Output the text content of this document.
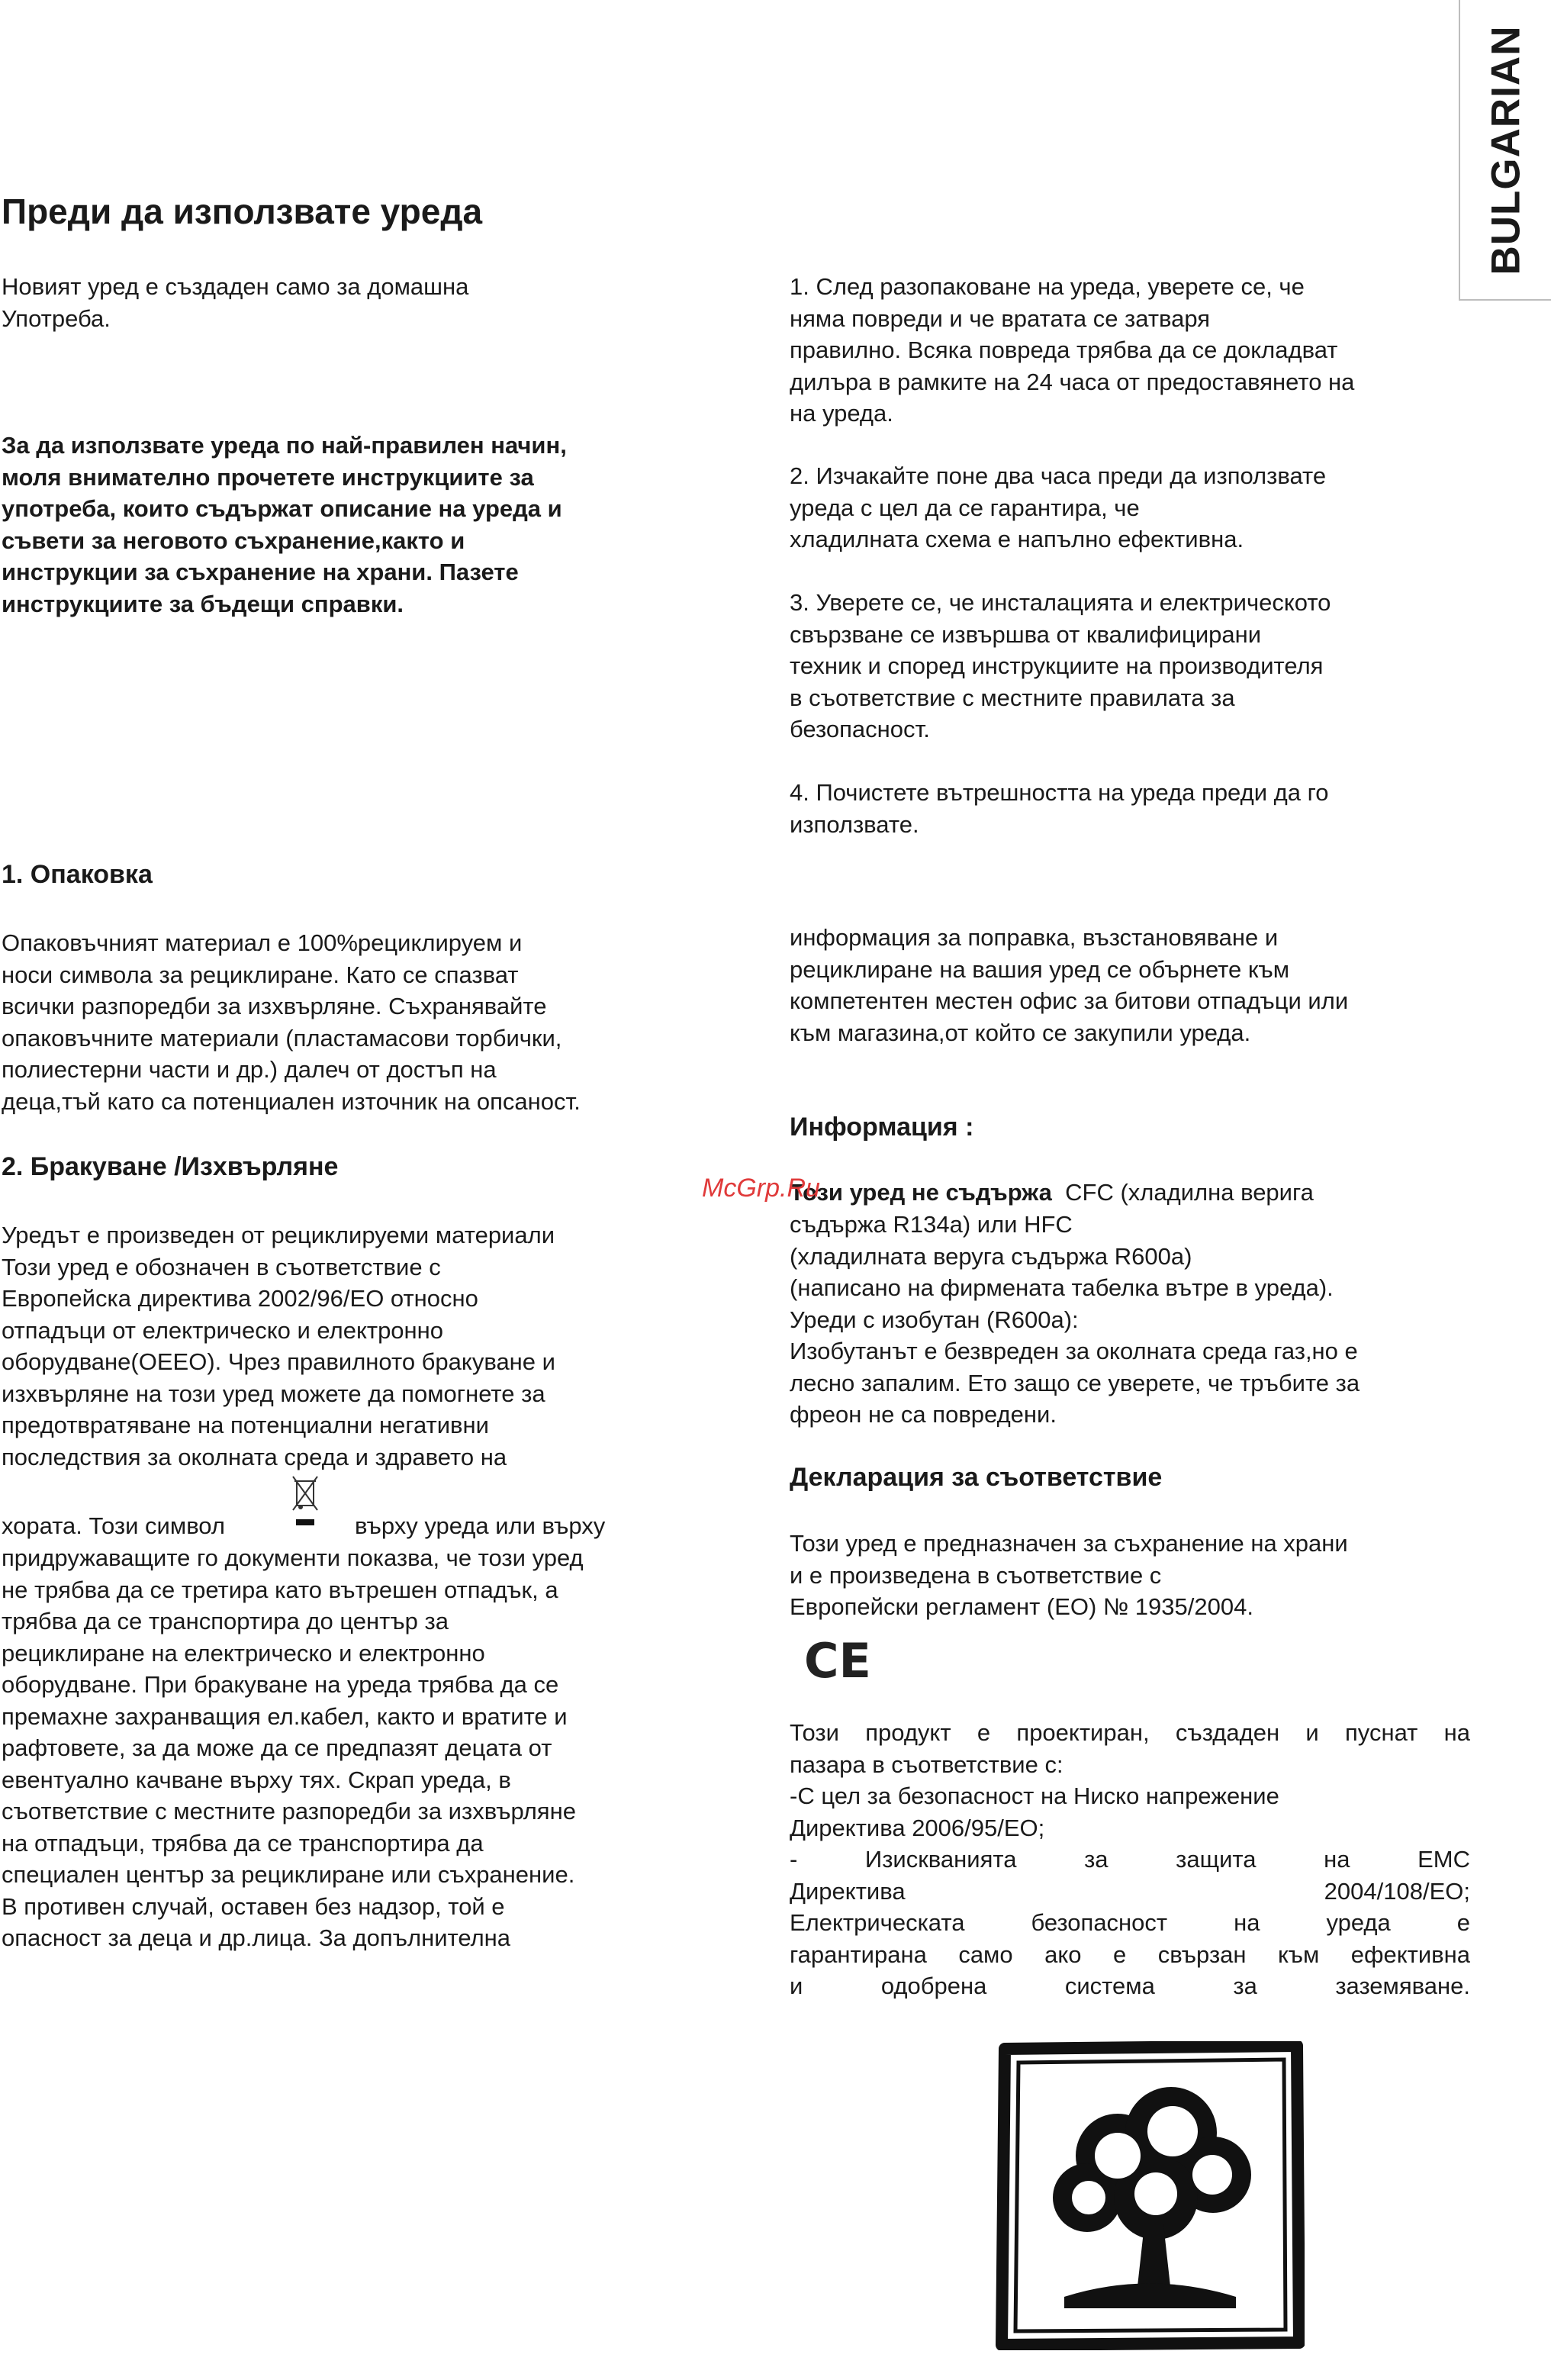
BULGARIAN
Преди да използвате уреда

Новият уред е създаден само за домашна
Употреба.

За да използвате уреда по най-правилен начин,
моля внимателно прочетете инструкциите за
употреба, които съдържат описание на уреда и
съвети за неговото съхранение,както и
инструкции за съхранение на храни. Пазете
инструкциите за бъдещи справки.

1. След разопаковане на уреда, уверете се, че
няма повреди и че вратата се затваря
правилно. Всяка повреда трябва да се докладват
дилъра в рамките на 24 часа от предоставянето на
на уреда.

2. Изчакайте поне два часа преди да използвате
уреда с цел да се гарантира, че
хладилната схема е напълно ефективна.

3. Уверете се, че инсталацията и електрическото
свързване се извършва от квалифицирани
техник и според инструкциите на производителя
в съответствие с местните правилата за
безопасност.

4. Почистете вътрешността на уреда преди да го
използвате.

1. Опаковка

Опаковъчният материал е 100%рециклируем и
носи символа за рециклиране. Като се спазват
всички разпоредби за изхвърляне. Съхранявайте
опаковъчните материали (пластамасови торбички,
полиестерни части и др.) далеч от достъп на
деца,тъй като са потенциален източник на опсаност.

2. Бракуване /Изхвърляне

Уредът е произведен от рециклируеми материали
Този уред е обозначен в съответствие с
Европейска директива 2002/96/ЕО относно
отпадъци от електрическо и електронно
оборудване(ОЕЕО). Чрез правилното бракуване и
изхвърляне на този уред можете да помогнете за
предотвратяване на потенциални негативни
последствия за околната среда и здравето на

хората. Този символ	върху уреда или върху

придружаващите го документи показва, че този уред
не трябва да се третира като вътрешен отпадък, а
трябва да се транспортира до център за
рециклиране на електрическо и електронно
оборудване. При бракуване на уреда трябва да се
премахне захранващия ел.кабел, както и вратите и
рафтовете, за да може да се предпазят децата от
евентуално качване върху тях. Скрап уреда, в
съответствие с местните разпоредби за изхвърляне
на отпадъци, трябва да се транспортира да
специален център за рециклиране или съхранение.
В противен случай, оставен без надзор, той е
опасност за деца и др.лица. За допълнителна

информация за поправка, възстановяване и
рециклиране на вашия уред се обърнете към
компетентен местен офис за битови отпадъци или
към магазина,от който се закупили уреда.

Информация :
Този уред не съдържа  CFC (хладилна верига
McGrp.Ru

съдържа R134a) или HFC
(хладилната веруга съдържа R600a)
(написано на фирмената табелка вътре в уреда).
Уреди с изобутан (R600a):
Изобутанът е безвреден за околната среда газ,но е
лесно запалим. Ето защо се уверете, че тръбите за
фреон не са повредени.

Декларация за съответствие

Този уред е предназначен за съхранение на храни
и е произведена в съответствие с
Европейски регламент (ЕО) № 1935/2004.

CE
Този продукт е проектиран, създаден и пуснат на
пазара в съответствие с:
-С цел за безопасност на Ниско напрежение
Директива 2006/95/EO;
- Изискванията за защита на ЕМС
Директива 2004/108/EO;
Електрическата безопасност на уреда е
гарантирана само ако е свързан към ефективна
и одобрена система за заземяване.
